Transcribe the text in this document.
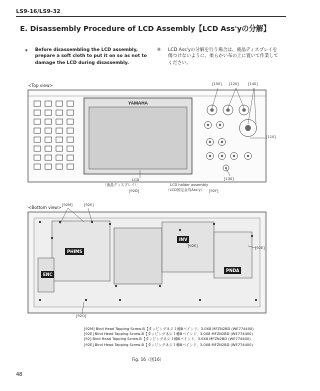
LS9-16/LS9-32
E. Disassembly Procedure of LCD Assembly【LCD Ass'yの分解】
* Before disassembling the LCD assembly, prepare a soft cloth to put it on so as not to damage the LCD during disassembly.
※ LCD Ass'yの分解を行う場合は、液晶ディスプレイを傷つけないように、柔らかい布の上に置いて作業してください。
<Top view>
YAMAHA
[150] [120]	[140]
[110]
[130]
LCD
（液晶ディスプレイ）
[92D]
LCD holder assembly
（LCD固定金具Ass'y） [92F]
<Bottom view> [92M]	[92E]
[92E]	[92E]
[92Q]
PHIMS
ENC
INV
PNDA
[92M] Bind Head Tapping Screw-B【タッピングネジ１種Bバインド、3.0X8 MFZN2BD (WE774400)
[92E] Bind Head Tapping Screw-B【タッピングネジ１種Bバインド、3.0X8 MFZN2BD (WE774400)
[92] Bind Head Tapping Screw-B【タッピングネジ１種Bバインド、3.0X8 MFZN2BD (WE774400)
[92E] Bind Head Tapping Screw-B【タッピングネジ１種Bバインド、3.0X8 MFZN2BD (WE774400)
Fig. 16（図16）
48
